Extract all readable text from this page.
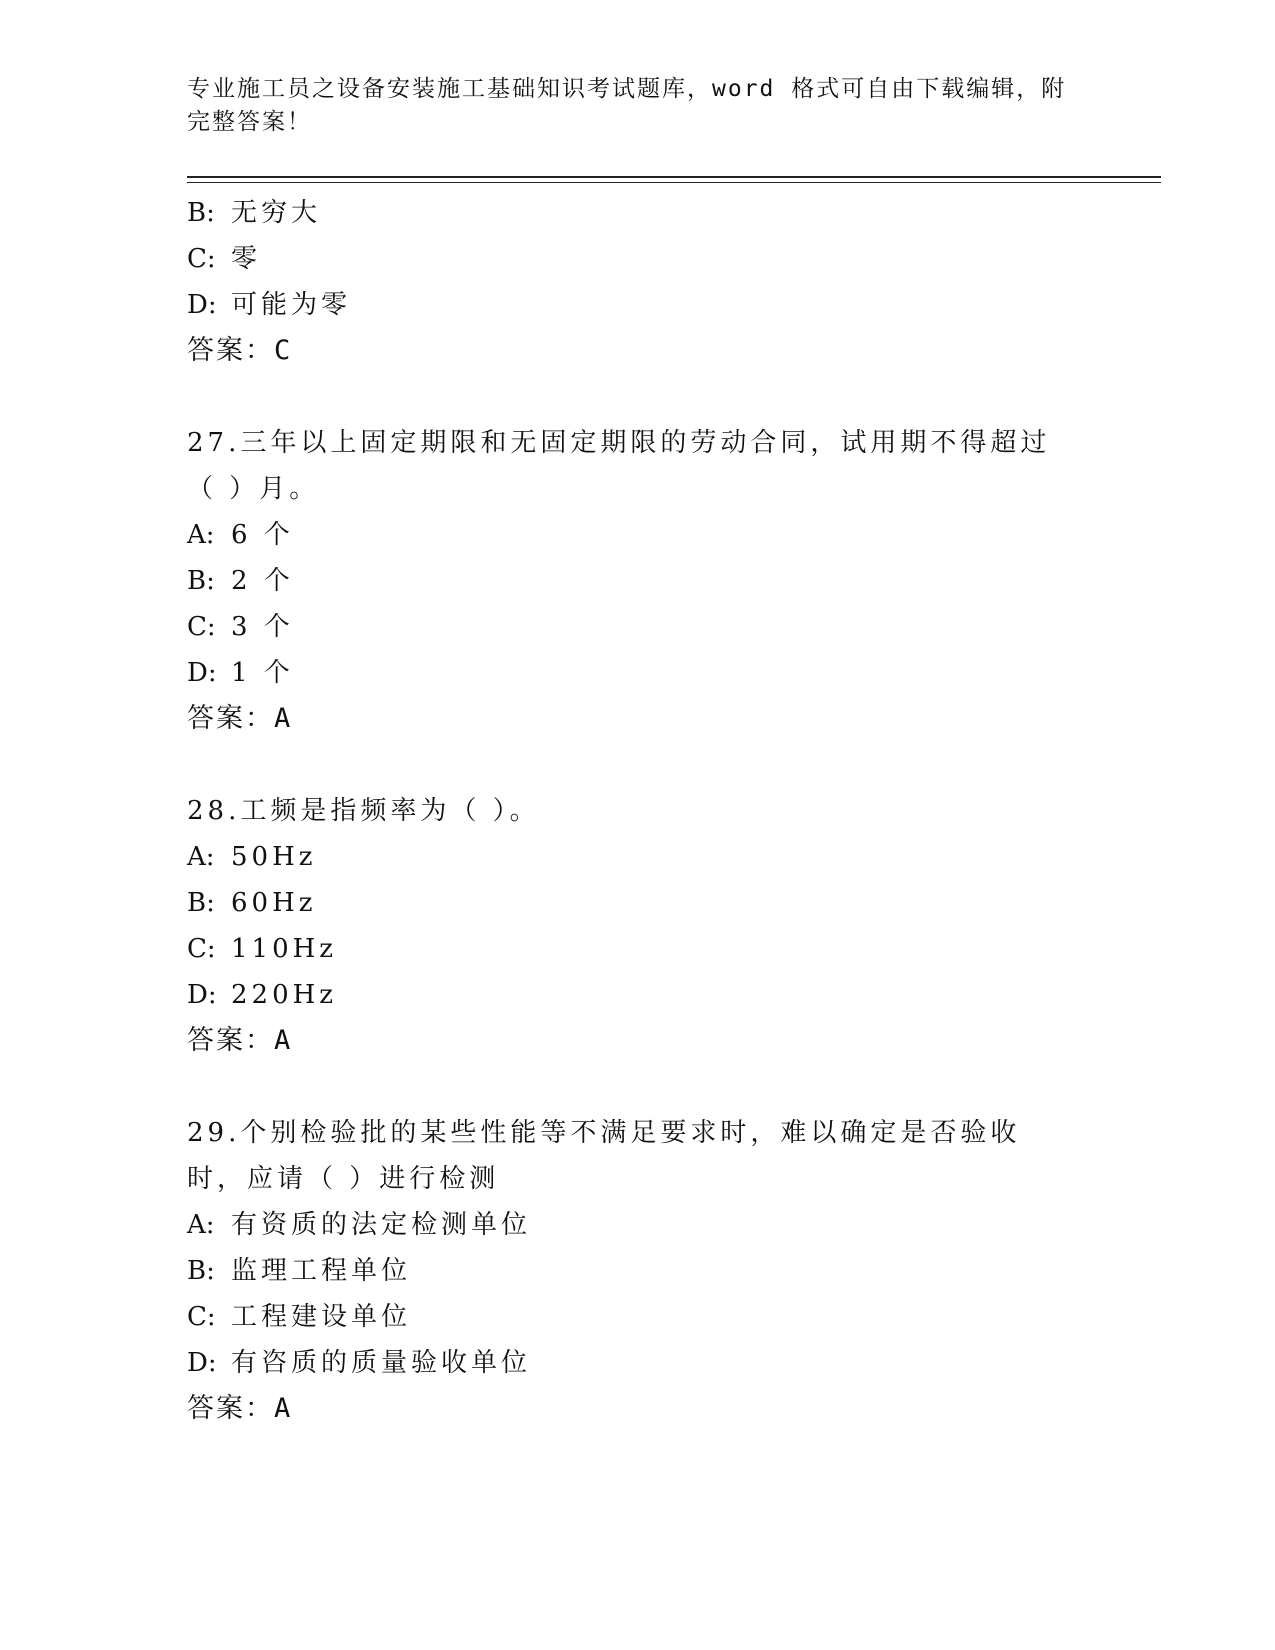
专业施工员之设备安装施工基础知识考试题库，word 格式可自由下载编辑，附完整答案！
B: 无穷大
C: 零
D: 可能为零
答案：C
27.三年以上固定期限和无固定期限的劳动合同，试用期不得超过（ ）月。
A: 6 个
B: 2 个
C: 3 个
D: 1 个
答案：A
28.工频是指频率为（ ）。
A: 50Hz
B: 60Hz
C: 110Hz
D: 220Hz
答案：A
29.个别检验批的某些性能等不满足要求时，难以确定是否验收时，应请（ ）进行检测
A: 有资质的法定检测单位
B: 监理工程单位
C: 工程建设单位
D: 有咨质的质量验收单位
答案：A
